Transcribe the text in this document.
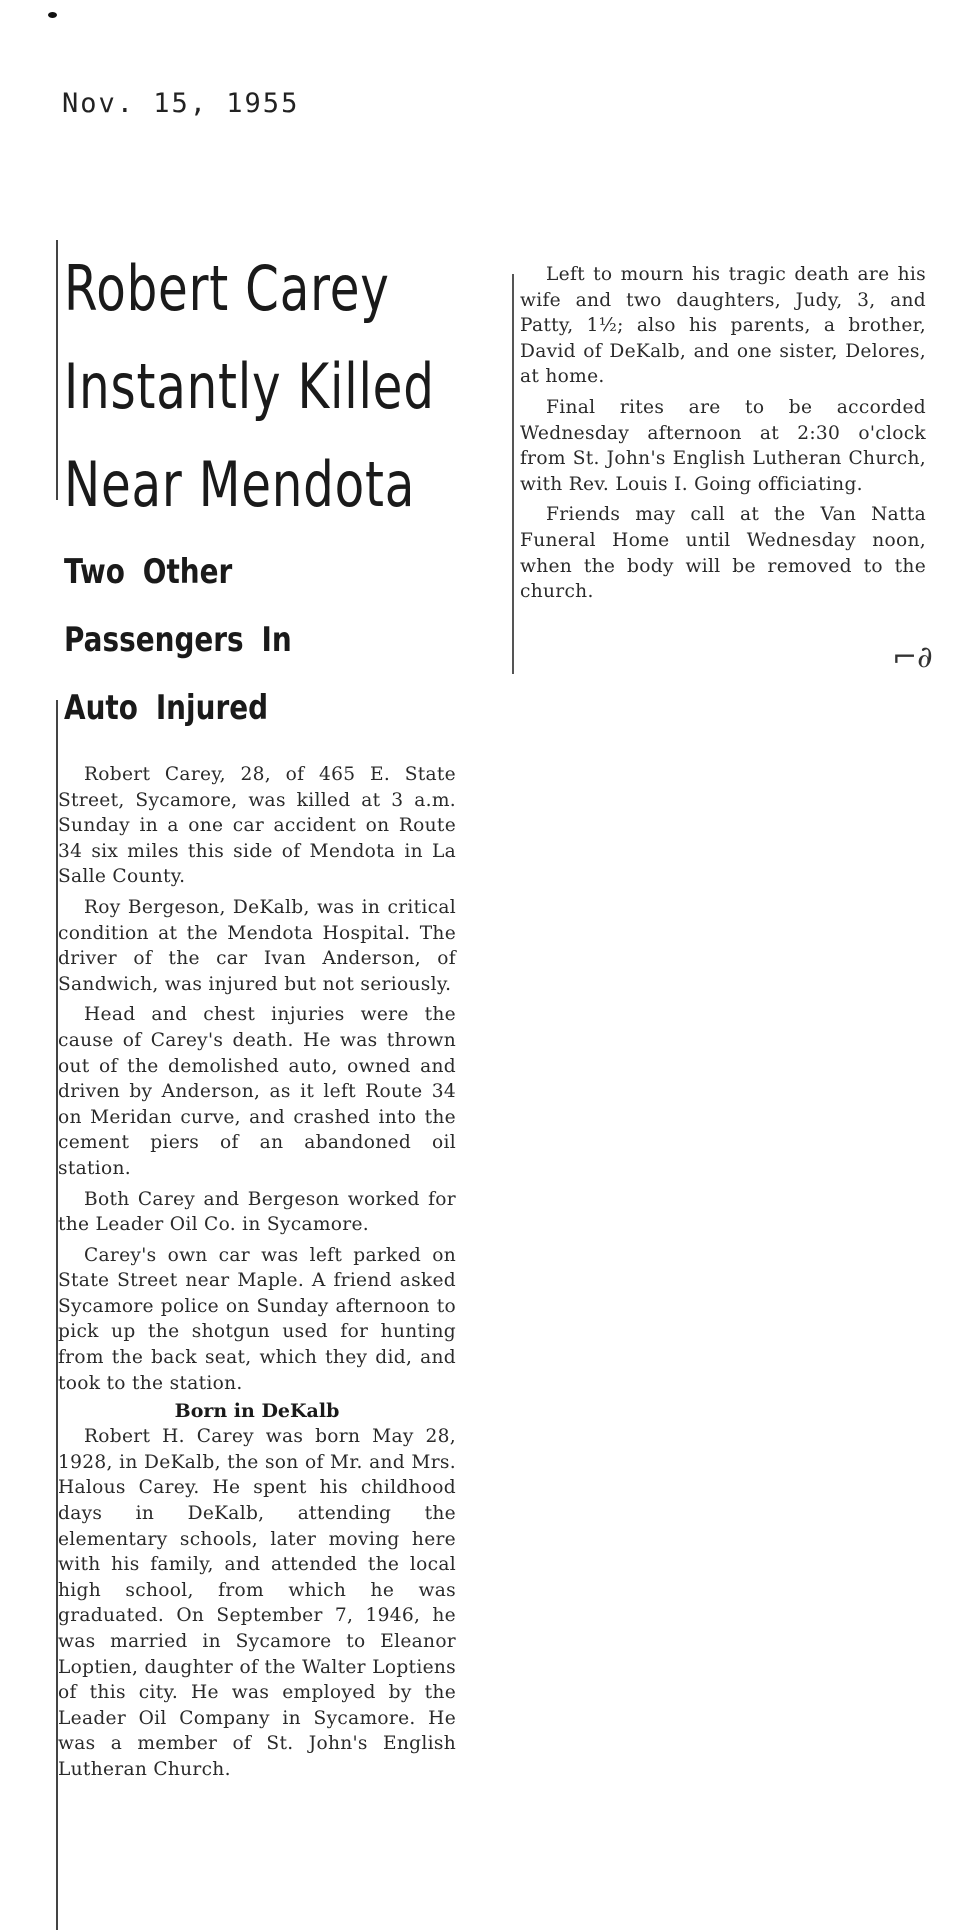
Nov. 15, 1955

Robert Carey
Instantly Killed
Near Mendota
Two Other
Passengers In
Auto Injured

Robert Carey, 28, of 465 E. State Street, Sycamore, was killed at 3 a.m. Sunday in a one car accident on Route 34 six miles this side of Mendota in La Salle County.

Roy Bergeson, DeKalb, was in critical condition at the Mendota Hospital. The driver of the car Ivan Anderson, of Sandwich, was injured but not seriously.

Head and chest injuries were the cause of Carey's death. He was thrown out of the demolished auto, owned and driven by Anderson, as it left Route 34 on Meridan curve, and crashed into the cement piers of an abandoned oil station.

Both Carey and Bergeson worked for the Leader Oil Co. in Sycamore.

Carey's own car was left parked on State Street near Maple. A friend asked Sycamore police on Sunday afternoon to pick up the shotgun used for hunting from the back seat, which they did, and took to the station.

Born in DeKalb

Robert H. Carey was born May 28, 1928, in DeKalb, the son of Mr. and Mrs. Halous Carey. He spent his childhood days in DeKalb, attending the elementary schools, later moving here with his family, and attended the local high school, from which he was graduated. On September 7, 1946, he was married in Sycamore to Eleanor Loptien, daughter of the Walter Loptiens of this city. He was employed by the Leader Oil Company in Sycamore. He was a member of St. John's English Lutheran Church.

Left to mourn his tragic death are his wife and two daughters, Judy, 3, and Patty, 1½; also his parents, a brother, David of DeKalb, and one sister, Delores, at home.

Final rites are to be accorded Wednesday afternoon at 2:30 o'clock from St. John's English Lutheran Church, with Rev. Louis I. Going officiating.

Friends may call at the Van Natta Funeral Home until Wednesday noon, when the body will be removed to the church.

⌐∂
